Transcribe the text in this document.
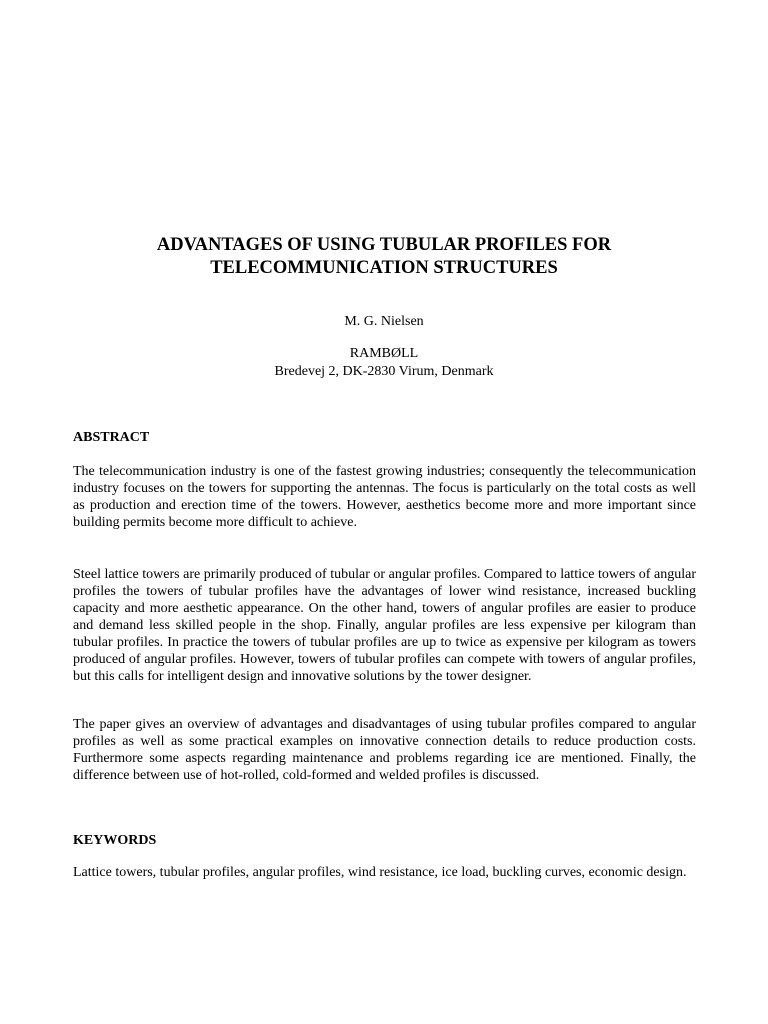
ADVANTAGES OF USING TUBULAR PROFILES FOR
TELECOMMUNICATION STRUCTURES

M. G. Nielsen

RAMBØLL
Bredevej 2, DK-2830 Virum, Denmark

ABSTRACT

The telecommunication industry is one of the fastest growing industries; consequently the telecommunication industry focuses on the towers for supporting the antennas. The focus is particularly on the total costs as well as production and erection time of the towers. However, aesthetics become more and more important since building permits become more difficult to achieve.

Steel lattice towers are primarily produced of tubular or angular profiles. Compared to lattice towers of angular profiles the towers of tubular profiles have the advantages of lower wind resistance, increased buckling capacity and more aesthetic appearance. On the other hand, towers of angular profiles are easier to produce and demand less skilled people in the shop. Finally, angular profiles are less expensive per kilogram than tubular profiles. In practice the towers of tubular profiles are up to twice as expensive per kilogram as towers produced of angular profiles. However, towers of tubular profiles can compete with towers of angular profiles, but this calls for intelligent design and innovative solutions by the tower designer.

The paper gives an overview of advantages and disadvantages of using tubular profiles compared to angular profiles as well as some practical examples on innovative connection details to reduce production costs. Furthermore some aspects regarding maintenance and problems regarding ice are mentioned. Finally, the difference between use of hot-rolled, cold-formed and welded profiles is discussed.

KEYWORDS

Lattice towers, tubular profiles, angular profiles, wind resistance, ice load, buckling curves, economic design.
